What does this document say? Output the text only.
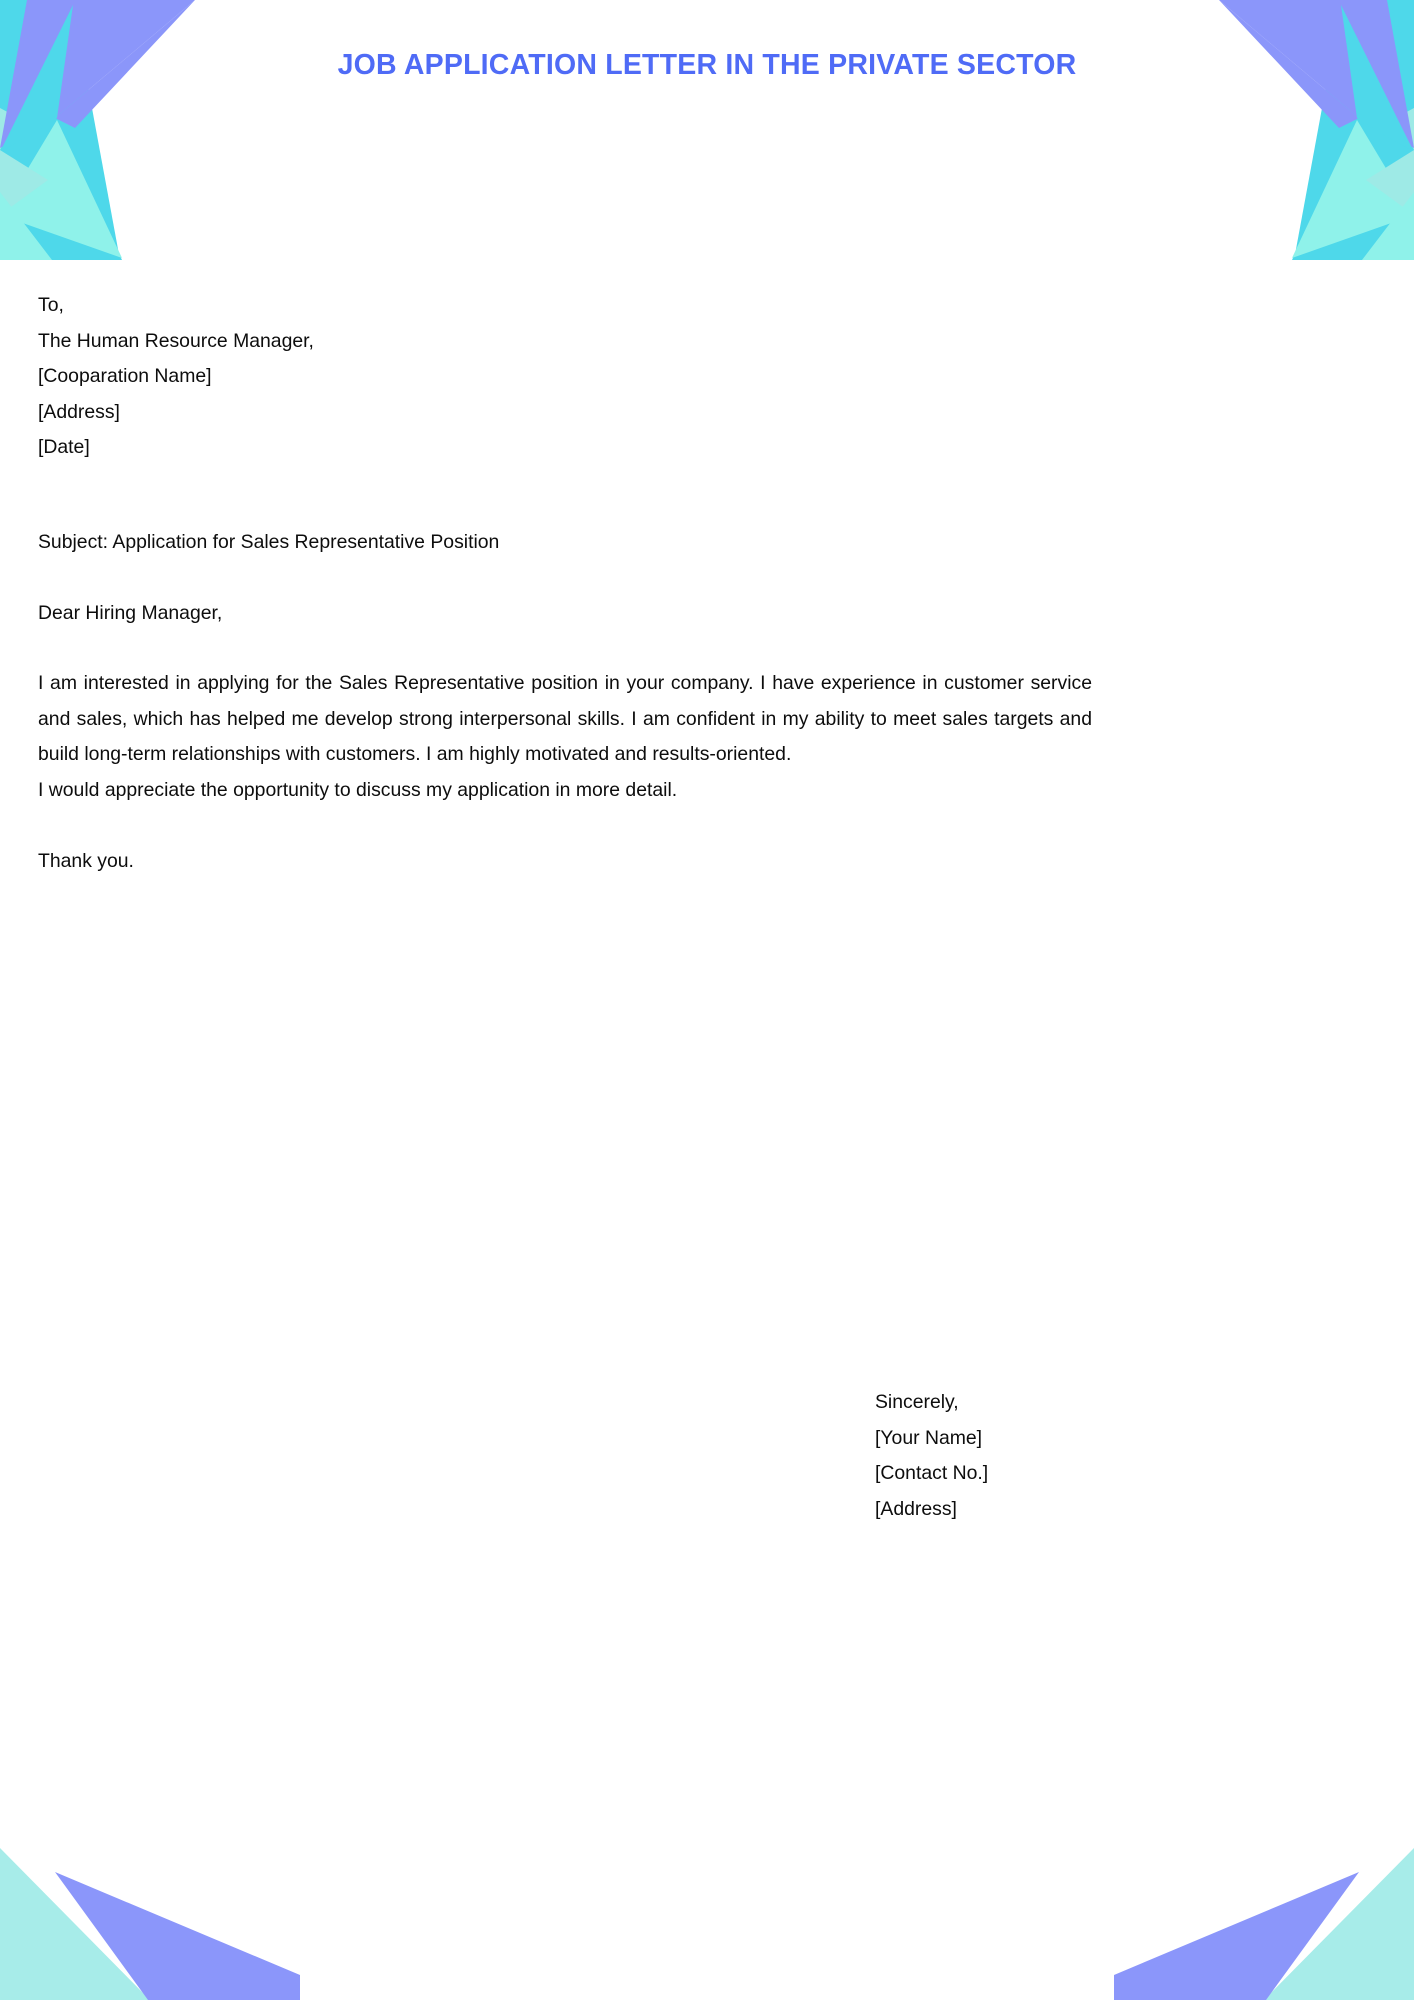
JOB APPLICATION LETTER IN THE PRIVATE SECTOR
To,
The Human Resource Manager,
[Cooparation Name]
[Address]
[Date]
Subject: Application for Sales Representative Position
Dear Hiring Manager,

I am interested in applying for the Sales Representative position in your company. I have experience in customer service and sales, which has helped me develop strong interpersonal skills. I am confident in my ability to meet sales targets and build long-term relationships with customers. I am highly motivated and results-oriented.

I would appreciate the opportunity to discuss my application in more detail.

Thank you.
Sincerely,
[Your Name]
[Contact No.]
[Address]
